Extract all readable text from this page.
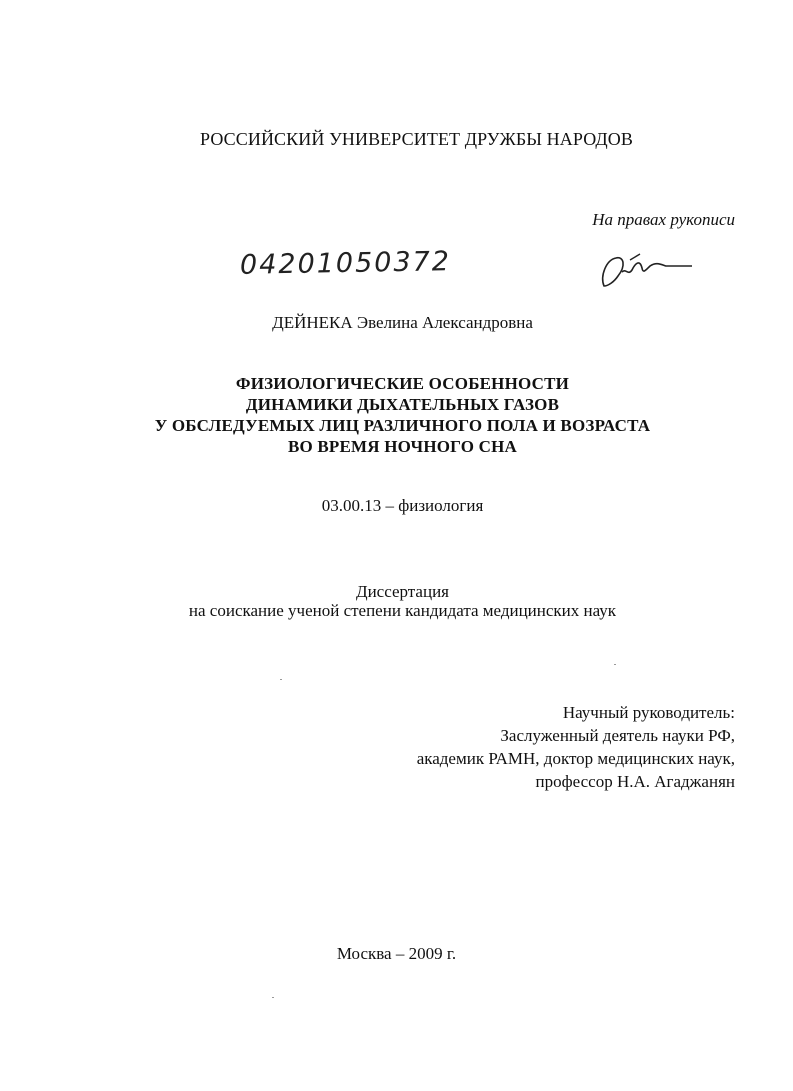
РОССИЙСКИЙ УНИВЕРСИТЕТ ДРУЖБЫ НАРОДОВ
На правах рукописи
04201050372
ДЕЙНЕКА Эвелина Александровна
ФИЗИОЛОГИЧЕСКИЕ ОСОБЕННОСТИ
ДИНАМИКИ ДЫХАТЕЛЬНЫХ ГАЗОВ
У ОБСЛЕДУЕМЫХ ЛИЦ РАЗЛИЧНОГО ПОЛА И ВОЗРАСТА
ВО ВРЕМЯ НОЧНОГО СНА
03.00.13 – физиология
Диссертация
на соискание ученой степени кандидата медицинских наук
Научный руководитель:
Заслуженный деятель науки РФ,
академик РАМН, доктор медицинских наук,
профессор Н.А. Агаджанян
Москва – 2009 г.
